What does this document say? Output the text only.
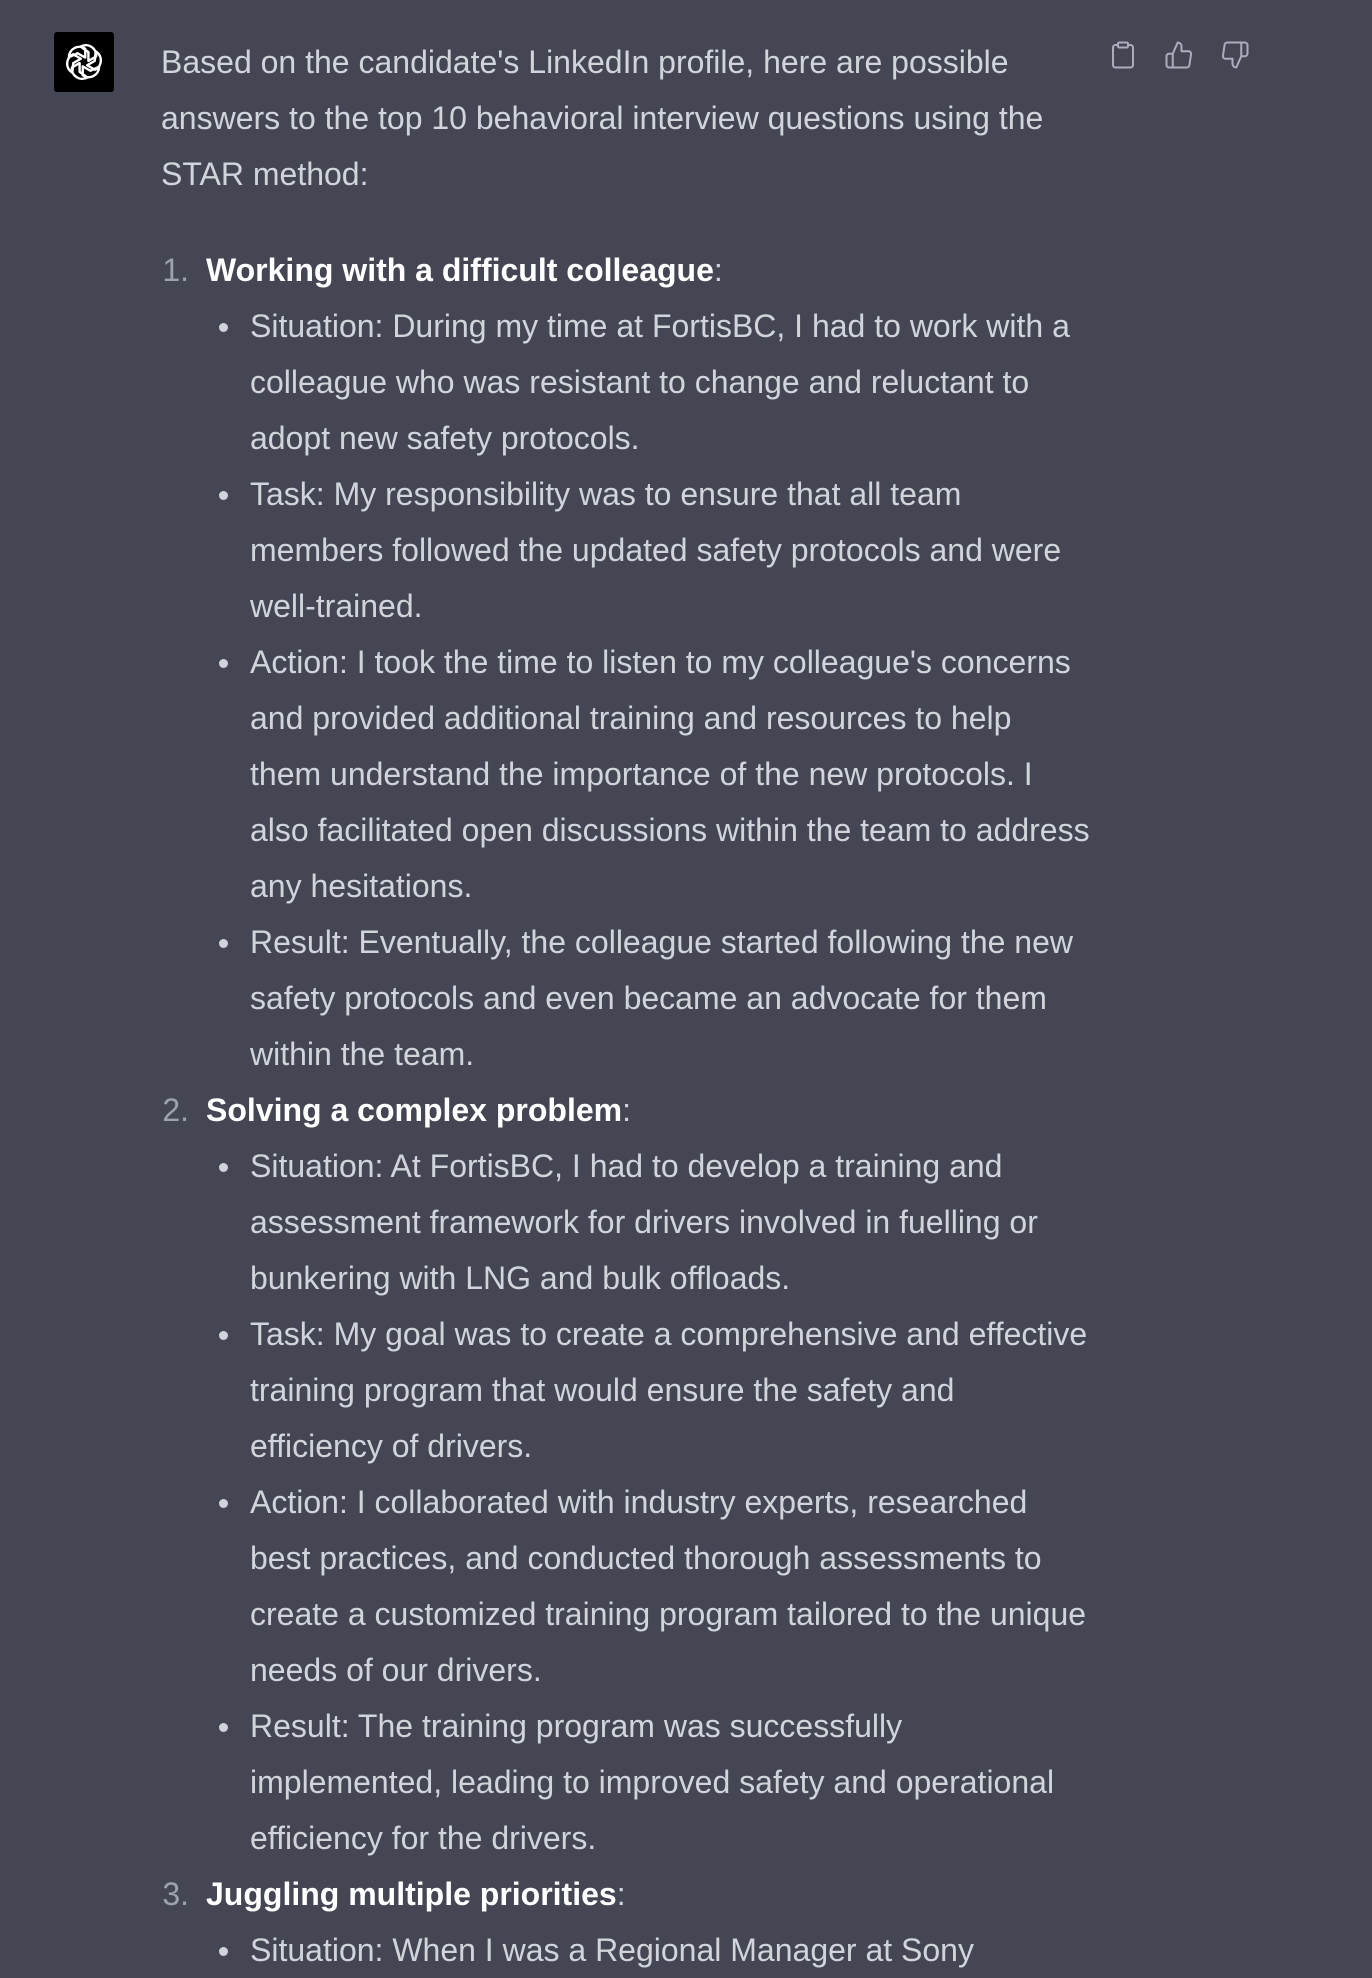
Based on the candidate's LinkedIn profile, here are possible answers to the top 10 behavioral interview questions using the STAR method:

1. Working with a difficult colleague:
Situation: During my time at FortisBC, I had to work with a colleague who was resistant to change and reluctant to adopt new safety protocols.
Task: My responsibility was to ensure that all team members followed the updated safety protocols and were well-trained.
Action: I took the time to listen to my colleague's concerns and provided additional training and resources to help them understand the importance of the new protocols. I also facilitated open discussions within the team to address any hesitations.
Result: Eventually, the colleague started following the new safety protocols and even became an advocate for them within the team.
2. Solving a complex problem:
Situation: At FortisBC, I had to develop a training and assessment framework for drivers involved in fuelling or bunkering with LNG and bulk offloads.
Task: My goal was to create a comprehensive and effective training program that would ensure the safety and efficiency of drivers.
Action: I collaborated with industry experts, researched best practices, and conducted thorough assessments to create a customized training program tailored to the unique needs of our drivers.
Result: The training program was successfully implemented, leading to improved safety and operational efficiency for the drivers.
3. Juggling multiple priorities:
Situation: When I was a Regional Manager at Sony
